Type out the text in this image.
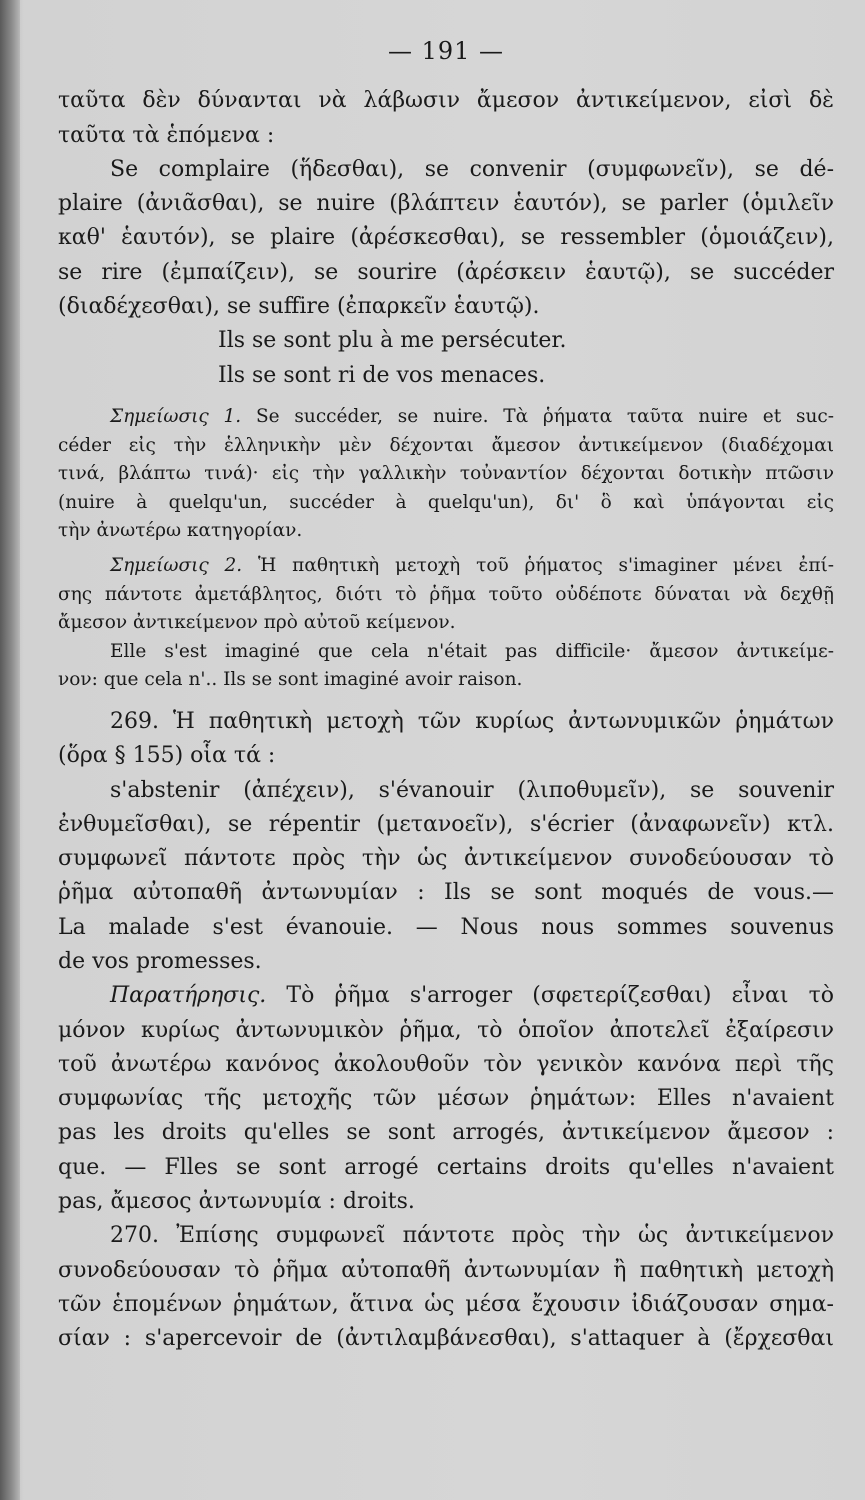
— 191 —
ταῦτα δὲν δύνανται νὰ λάβωσιν ἄμεσον ἀντικείμενον, εἰσὶ δὲ
ταῦτα τὰ ἑπόμενα :
Se complaire (ἥδεσθαι), se convenir (συμφωνεῖν), se dé-
plaire (ἀνιᾶσθαι), se nuire (βλάπτειν ἑαυτόν), se parler (ὁμιλεῖν
καθ' ἑαυτόν), se plaire (ἀρέσκεσθαι), se ressembler (ὁμοιάζειν),
se rire (ἐμπαίζειν), se sourire (ἀρέσκειν ἑαυτῷ), se succéder
(διαδέχεσθαι), se suffire (ἐπαρκεῖν ἑαυτῷ).
Ils se sont plu à me persécuter.
Ils se sont ri de vos menaces.
Σημείωσις 1. Se succéder, se nuire. Τὰ ῥήματα ταῦτα nuire et suc-
céder εἰς τὴν ἑλληνικὴν μὲν δέχονται ἄμεσον ἀντικείμενον (διαδέχομαι
τινά, βλάπτω τινά)· εἰς τὴν γαλλικὴν τοὐναντίον δέχονται δοτικὴν πτῶσιν
(nuire à quelqu'un, succéder à quelqu'un), δι' ὃ καὶ ὑπάγονται εἰς
τὴν ἀνωτέρω κατηγορίαν.
Σημείωσις 2. Ἡ παθητικὴ μετοχὴ τοῦ ῥήματος s'imaginer μένει ἐπί-
σης πάντοτε ἀμετάβλητος, διότι τὸ ῥῆμα τοῦτο οὐδέποτε δύναται νὰ δεχθῇ
ἄμεσον ἀντικείμενον πρὸ αὐτοῦ κείμενον.
Elle s'est imaginé que cela n'était pas difficile· ἄμεσον ἀντικείμε-
νον: que cela n'.. Ils se sont imaginé avoir raison.
269. Ἡ παθητικὴ μετοχὴ τῶν κυρίως ἀντωνυμικῶν ῥημάτων
(ὅρα § 155) οἷα τά :
s'abstenir (ἀπέχειν), s'évanouir (λιποθυμεῖν), se souvenir
ἐνθυμεῖσθαι), se répentir (μετανοεῖν), s'écrier (ἀναφωνεῖν) κτλ.
συμφωνεῖ πάντοτε πρὸς τὴν ὡς ἀντικείμενον συνοδεύουσαν τὸ
ῥῆμα αὐτοπαθῆ ἀντωνυμίαν : Ils se sont moqués de vous.—
La malade s'est évanouie. — Nous nous sommes souvenus
de vos promesses.
Παρατήρησις. Τὸ ῥῆμα s'arroger (σφετερίζεσθαι) εἶναι τὸ
μόνον κυρίως ἀντωνυμικὸν ῥῆμα, τὸ ὁποῖον ἀποτελεῖ ἐξαίρεσιν
τοῦ ἀνωτέρω κανόνος ἀκολουθοῦν τὸν γενικὸν κανόνα περὶ τῆς
συμφωνίας τῆς μετοχῆς τῶν μέσων ῥημάτων: Elles n'avaient
pas les droits qu'elles se sont arrogés, ἀντικείμενον ἄμεσον :
que. — Flles se sont arrogé certains droits qu'elles n'avaient
pas, ἄμεσος ἀντωνυμία : droits.
270. Ἐπίσης συμφωνεῖ πάντοτε πρὸς τὴν ὡς ἀντικείμενον
συνοδεύουσαν τὸ ῥῆμα αὐτοπαθῆ ἀντωνυμίαν ἢ παθητικὴ μετοχὴ
τῶν ἑπομένων ῥημάτων, ἅτινα ὡς μέσα ἔχουσιν ἰδιάζουσαν σημα-
σίαν : s'apercevoir de (ἀντιλαμβάνεσθαι), s'attaquer à (ἔρχεσθαι
